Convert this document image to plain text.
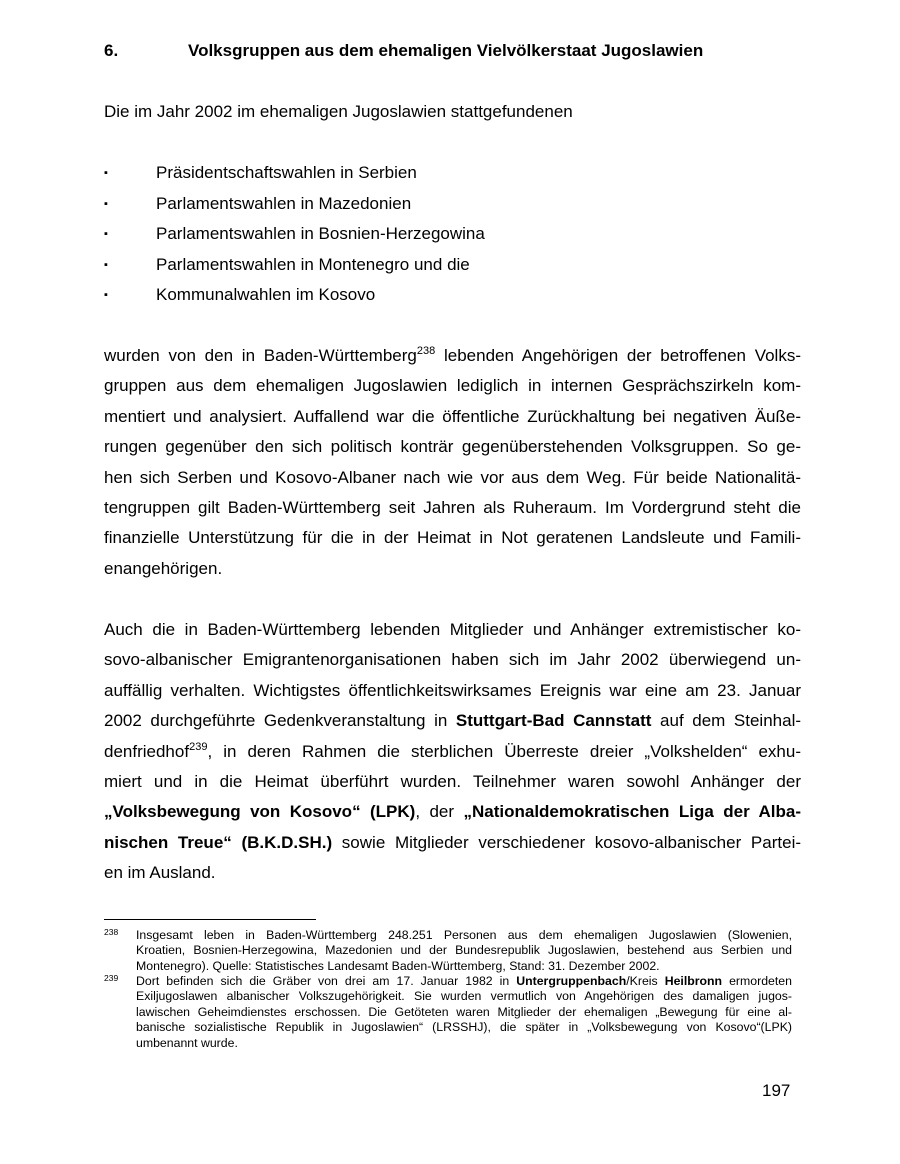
6.	Volksgruppen aus dem ehemaligen Vielvölkerstaat Jugoslawien

Die im Jahr 2002 im ehemaligen Jugoslawien stattgefundenen

▪	Präsidentschaftswahlen in Serbien
▪	Parlamentswahlen in Mazedonien
▪	Parlamentswahlen in Bosnien-Herzegowina
▪	Parlamentswahlen in Montenegro und die
▪	Kommunalwahlen im Kosovo
wurden von den in Baden-Württemberg$^{238}$ lebenden Angehörigen der betroffenen Volks-
gruppen aus dem ehemaligen Jugoslawien lediglich in internen Gesprächszirkeln kom-
mentiert und analysiert. Auffallend war die öffentliche Zurückhaltung bei negativen Äuße-
rungen gegenüber den sich politisch konträr gegenüberstehenden Volksgruppen. So ge-
hen sich Serben und Kosovo-Albaner nach wie vor aus dem Weg. Für beide Nationalitä-
tengruppen gilt Baden-Württemberg seit Jahren als Ruheraum. Im Vordergrund steht die
finanzielle Unterstützung für die in der Heimat in Not geratenen Landsleute und Famili-
enangehörigen.
Auch die in Baden-Württemberg lebenden Mitglieder und Anhänger extremistischer ko-
sovo-albanischer Emigrantenorganisationen haben sich im Jahr 2002 überwiegend un-
auffällig verhalten. Wichtigstes öffentlichkeitswirksames Ereignis war eine am 23. Januar
2002 durchgeführte Gedenkveranstaltung in Stuttgart-Bad Cannstatt auf dem Steinhal-
denfriedhof$^{239}$, in deren Rahmen die sterblichen Überreste dreier „Volkshelden“ exhu-
miert und in die Heimat überführt wurden. Teilnehmer waren sowohl Anhänger der
„Volksbewegung von Kosovo“ (LPK), der „Nationaldemokratischen Liga der Alba-
nischen Treue“ (B.K.D.SH.) sowie Mitglieder verschiedener kosovo-albanischer Partei-
en im Ausland.
238 Insgesamt leben in Baden-Württemberg 248.251 Personen aus dem ehemaligen Jugoslawien (Slowenien,
Kroatien, Bosnien-Herzegowina, Mazedonien und der Bundesrepublik Jugoslawien, bestehend aus Serbien und
Montenegro). Quelle: Statistisches Landesamt Baden-Württemberg, Stand: 31. Dezember 2002.
239 Dort befinden sich die Gräber von drei am 17. Januar 1982 in Untergruppenbach/Kreis Heilbronn ermordeten
Exiljugoslawen albanischer Volkszugehörigkeit. Sie wurden vermutlich von Angehörigen des damaligen jugos-
lawischen Geheimdienstes erschossen. Die Getöteten waren Mitglieder der ehemaligen „Bewegung für eine al-
banische sozialistische Republik in Jugoslawien“ (LRSSHJ), die später in „Volksbewegung von Kosovo“(LPK)
umbenannt wurde.
197
